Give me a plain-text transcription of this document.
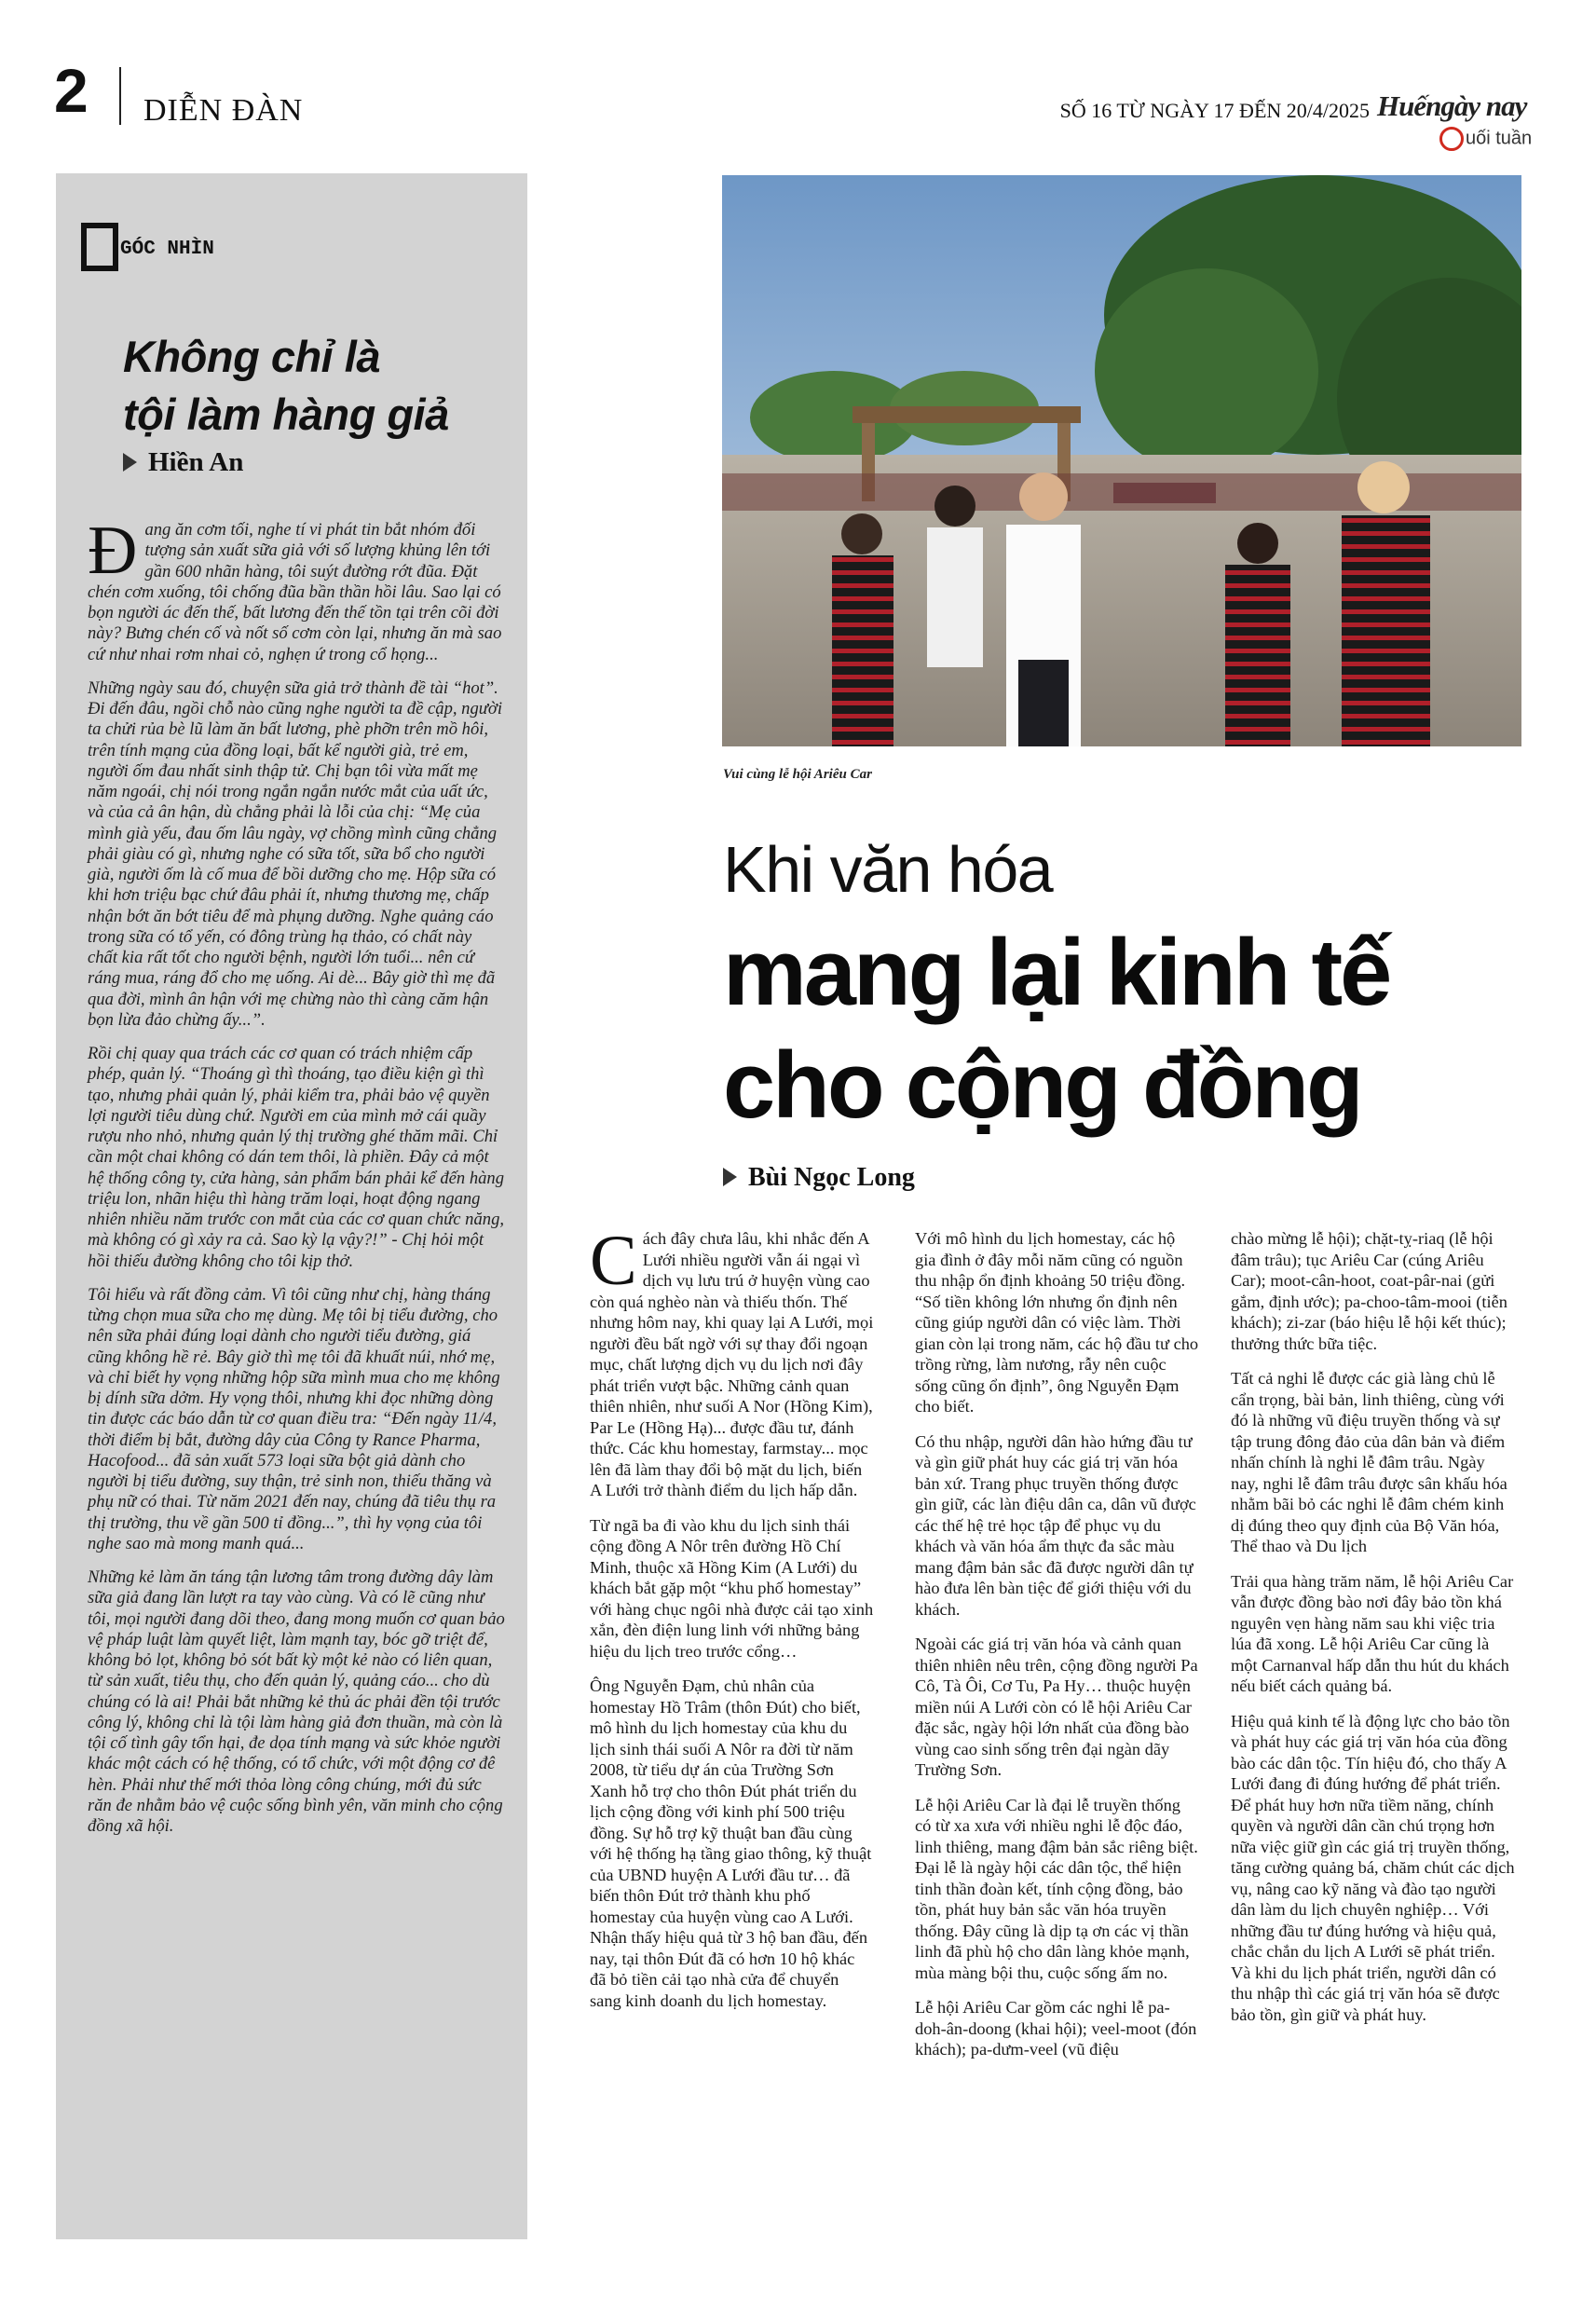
2 DIỄN ĐÀN	SỐ 16 TỪ NGÀY 17 ĐẾN 20/4/2025 Huếngày nay
uối tuần
GÓC NHÌN
Không chỉ là
tội làm hàng giả
Hiền An

Đang ăn cơm tối, nghe tí vi phát tin bắt nhóm đối tượng sản xuất sữa giả với số lượng khủng lên tới gần 600 nhãn hàng, tôi suýt đường rớt đũa. Đặt chén cơm xuống, tôi chống đũa bần thần hồi lâu. Sao lại có bọn người ác đến thế, bất lương đến thế tồn tại trên cõi đời này? Bưng chén cố và nốt số cơm còn lại, nhưng ăn mà sao cứ như nhai rơm nhai cỏ, nghẹn ứ trong cổ họng...

Những ngày sau đó, chuyện sữa giả trở thành đề tài “hot”. Đi đến đâu, ngồi chỗ nào cũng nghe người ta đề cập, người ta chửi rủa bè lũ làm ăn bất lương, phè phỡn trên mồ hôi, trên tính mạng của đồng loại, bất kể người già, trẻ em, người ốm đau nhất sinh thập tử. Chị bạn tôi vừa mất mẹ năm ngoái, chị nói trong ngắn ngắn nước mắt của uất ức, và của cả ân hận, dù chẳng phải là lỗi của chị: “Mẹ của mình già yếu, đau ốm lâu ngày, vợ chồng mình cũng chẳng phải giàu có gì, nhưng nghe có sữa tốt, sữa bổ cho người già, người ốm là cố mua để bồi dưỡng cho mẹ. Hộp sữa có khi hơn triệu bạc chứ đâu phải ít, nhưng thương mẹ, chấp nhận bớt ăn bớt tiêu để mà phụng dưỡng. Nghe quảng cáo trong sữa có tổ yến, có đông trùng hạ thảo, có chất này chất kia rất tốt cho người bệnh, người lớn tuổi... nên cứ ráng mua, ráng đổ cho mẹ uống. Ai dè... Bây giờ thì mẹ đã qua đời, mình ân hận với mẹ chừng nào thì càng căm hận bọn lừa đảo chừng ấy...”.

Rồi chị quay qua trách các cơ quan có trách nhiệm cấp phép, quản lý. “Thoáng gì thì thoáng, tạo điều kiện gì thì tạo, nhưng phải quản lý, phải kiểm tra, phải bảo vệ quyền lợi người tiêu dùng chứ. Người em của mình mở cái quầy rượu nho nhỏ, nhưng quản lý thị trường ghé thăm mãi. Chỉ cần một chai không có dán tem thôi, là phiền. Đây cả một hệ thống công ty, cửa hàng, sản phẩm bán phải kể đến hàng triệu lon, nhãn hiệu thì hàng trăm loại, hoạt động ngang nhiên nhiều năm trước con mắt của các cơ quan chức năng, mà không có gì xảy ra cả. Sao kỳ lạ vậy?!” - Chị hỏi một hồi thiếu đường không cho tôi kịp thở.

Tôi hiểu và rất đồng cảm. Vì tôi cũng như chị, hàng tháng từng chọn mua sữa cho mẹ dùng. Mẹ tôi bị tiểu đường, cho nên sữa phải đúng loại dành cho người tiểu đường, giá cũng không hề rẻ. Bây giờ thì mẹ tôi đã khuất núi, nhớ mẹ, và chỉ biết hy vọng những hộp sữa mình mua cho mẹ không bị dính sữa dởm. Hy vọng thôi, nhưng khi đọc những dòng tin được các báo dẫn từ cơ quan điều tra: “Đến ngày 11/4, thời điểm bị bắt, đường dây của Công ty Rance Pharma, Hacofood... đã sản xuất 573 loại sữa bột giả dành cho người bị tiểu đường, suy thận, trẻ sinh non, thiếu thăng và phụ nữ có thai. Từ năm 2021 đến nay, chúng đã tiêu thụ ra thị trường, thu về gần 500 tỉ đồng...”, thì hy vọng của tôi nghe sao mà mong manh quá...

Những kẻ làm ăn táng tận lương tâm trong đường dây làm sữa giả đang lần lượt ra tay vào cùng. Và có lẽ cũng như tôi, mọi người đang dõi theo, đang mong muốn cơ quan bảo vệ pháp luật làm quyết liệt, làm mạnh tay, bóc gỡ triệt để, không bỏ lọt, không bỏ sót bất kỳ một kẻ nào có liên quan, từ sản xuất, tiêu thụ, cho đến quản lý, quảng cáo... cho dù chúng có là ai! Phải bắt những kẻ thủ ác phải đền tội trước công lý, không chỉ là tội làm hàng giả đơn thuần, mà còn là tội cố tình gây tổn hại, đe dọa tính mạng và sức khỏe người khác một cách có hệ thống, có tổ chức, với một động cơ đê hèn. Phải như thế mới thỏa lòng công chúng, mới đủ sức răn đe nhằm bảo vệ cuộc sống bình yên, văn minh cho cộng đồng xã hội.

Vui cùng lễ hội Ariêu Car
Khi văn hóa
mang lại kinh tế
cho cộng đồng
Bùi Ngọc Long

Cách đây chưa lâu, khi nhắc đến A Lưới nhiều người vẫn ái ngại vì dịch vụ lưu trú ở huyện vùng cao còn quá nghèo nàn và thiếu thốn. Thế nhưng hôm nay, khi quay lại A Lưới, mọi người đều bất ngờ với sự thay đổi ngoạn mục, chất lượng dịch vụ du lịch nơi đây phát triển vượt bậc. Những cảnh quan thiên nhiên, như suối A Nor (Hồng Kim), Par Le (Hồng Hạ)... được đầu tư, đánh thức. Các khu homestay, farmstay... mọc lên đã làm thay đổi bộ mặt du lịch, biến A Lưới trở thành điểm du lịch hấp dẫn.

Từ ngã ba đi vào khu du lịch sinh thái cộng đồng A Nôr trên đường Hồ Chí Minh, thuộc xã Hồng Kim (A Lưới) du khách bắt gặp một “khu phố homestay” với hàng chục ngôi nhà được cải tạo xinh xắn, đèn điện lung linh với những bảng hiệu du lịch treo trước cổng…

Ông Nguyễn Đạm, chủ nhân của homestay Hồ Trâm (thôn Đút) cho biết, mô hình du lịch homestay của khu du lịch sinh thái suối A Nôr ra đời từ năm 2008, từ tiểu dự án của Trường Sơn Xanh hỗ trợ cho thôn Đút phát triển du lịch cộng đồng với kinh phí 500 triệu đồng. Sự hỗ trợ kỹ thuật ban đầu cùng với hệ thống hạ tầng giao thông, kỹ thuật của UBND huyện A Lưới đầu tư… đã biến thôn Đút trở thành khu phố homestay của huyện vùng cao A Lưới. Nhận thấy hiệu quả từ 3 hộ ban đầu, đến nay, tại thôn Đút đã có hơn 10 hộ khác đã bỏ tiền cải tạo nhà cửa để chuyển sang kinh doanh du lịch homestay.

Với mô hình du lịch homestay, các hộ gia đình ở đây mỗi năm cũng có nguồn thu nhập ổn định khoảng 50 triệu đồng. “Số tiền không lớn nhưng ổn định nên cũng giúp người dân có việc làm. Thời gian còn lại trong năm, các hộ đầu tư cho trồng rừng, làm nương, rẫy nên cuộc sống cũng ổn định”, ông Nguyễn Đạm cho biết.

Có thu nhập, người dân hào hứng đầu tư và gìn giữ phát huy các giá trị văn hóa bản xứ. Trang phục truyền thống được gìn giữ, các làn điệu dân ca, dân vũ được các thế hệ trẻ học tập để phục vụ du khách và văn hóa ẩm thực đa sắc màu mang đậm bản sắc đã được người dân tự hào đưa lên bàn tiệc để giới thiệu với du khách.

Ngoài các giá trị văn hóa và cảnh quan thiên nhiên nêu trên, cộng đồng người Pa Cô, Tà Ôi, Cơ Tu, Pa Hy… thuộc huyện miền núi A Lưới còn có lễ hội Ariêu Car đặc sắc, ngày hội lớn nhất của đồng bào vùng cao sinh sống trên đại ngàn dãy Trường Sơn.

Lễ hội Ariêu Car là đại lễ truyền thống có từ xa xưa với nhiều nghi lễ độc đáo, linh thiêng, mang đậm bản sắc riêng biệt. Đại lễ là ngày hội các dân tộc, thể hiện tinh thần đoàn kết, tính cộng đồng, bảo tồn, phát huy bản sắc văn hóa truyền thống. Đây cũng là dịp tạ ơn các vị thần linh đã phù hộ cho dân làng khỏe mạnh, mùa màng bội thu, cuộc sống ấm no.

Lễ hội Ariêu Car gồm các nghi lễ pa-doh-ân-doong (khai hội); veel-moot (đón khách); pa-dưm-veel (vũ điệu

chào mừng lễ hội); chặt-tỵ-riaq (lễ hội đâm trâu); tục Ariêu Car (cúng Ariêu Car); moot-cân-hoot, coat-pâr-nai (gửi gắm, định ước); pa-choo-tâm-mooi (tiễn khách); zi-zar (báo hiệu lễ hội kết thúc); thưởng thức bữa tiệc.

Tất cả nghi lễ được các già làng chủ lễ cẩn trọng, bài bản, linh thiêng, cùng với đó là những vũ điệu truyền thống và sự tập trung đông đảo của dân bản và điểm nhấn chính là nghi lễ đâm trâu. Ngày nay, nghi lễ đâm trâu được sân khấu hóa nhằm bãi bỏ các nghi lễ đâm chém kinh dị đúng theo quy định của Bộ Văn hóa, Thể thao và Du lịch

Trải qua hàng trăm năm, lễ hội Ariêu Car vẫn được đồng bào nơi đây bảo tồn khá nguyên vẹn hàng năm sau khi việc tria lúa đã xong. Lễ hội Ariêu Car cũng là một Carnanval hấp dẫn thu hút du khách nếu biết cách quảng bá.

Hiệu quả kinh tế là động lực cho bảo tồn và phát huy các giá trị văn hóa của đồng bào các dân tộc. Tín hiệu đó, cho thấy A Lưới đang đi đúng hướng để phát triển. Để phát huy hơn nữa tiềm năng, chính quyền và người dân cần chú trọng hơn nữa việc giữ gìn các giá trị truyền thống, tăng cường quảng bá, chăm chút các dịch vụ, nâng cao kỹ năng và đào tạo người dân làm du lịch chuyên nghiệp… Với những đầu tư đúng hướng và hiệu quả, chắc chắn du lịch A Lưới sẽ phát triển. Và khi du lịch phát triển, người dân có thu nhập thì các giá trị văn hóa sẽ được bảo tồn, gìn giữ và phát huy.
